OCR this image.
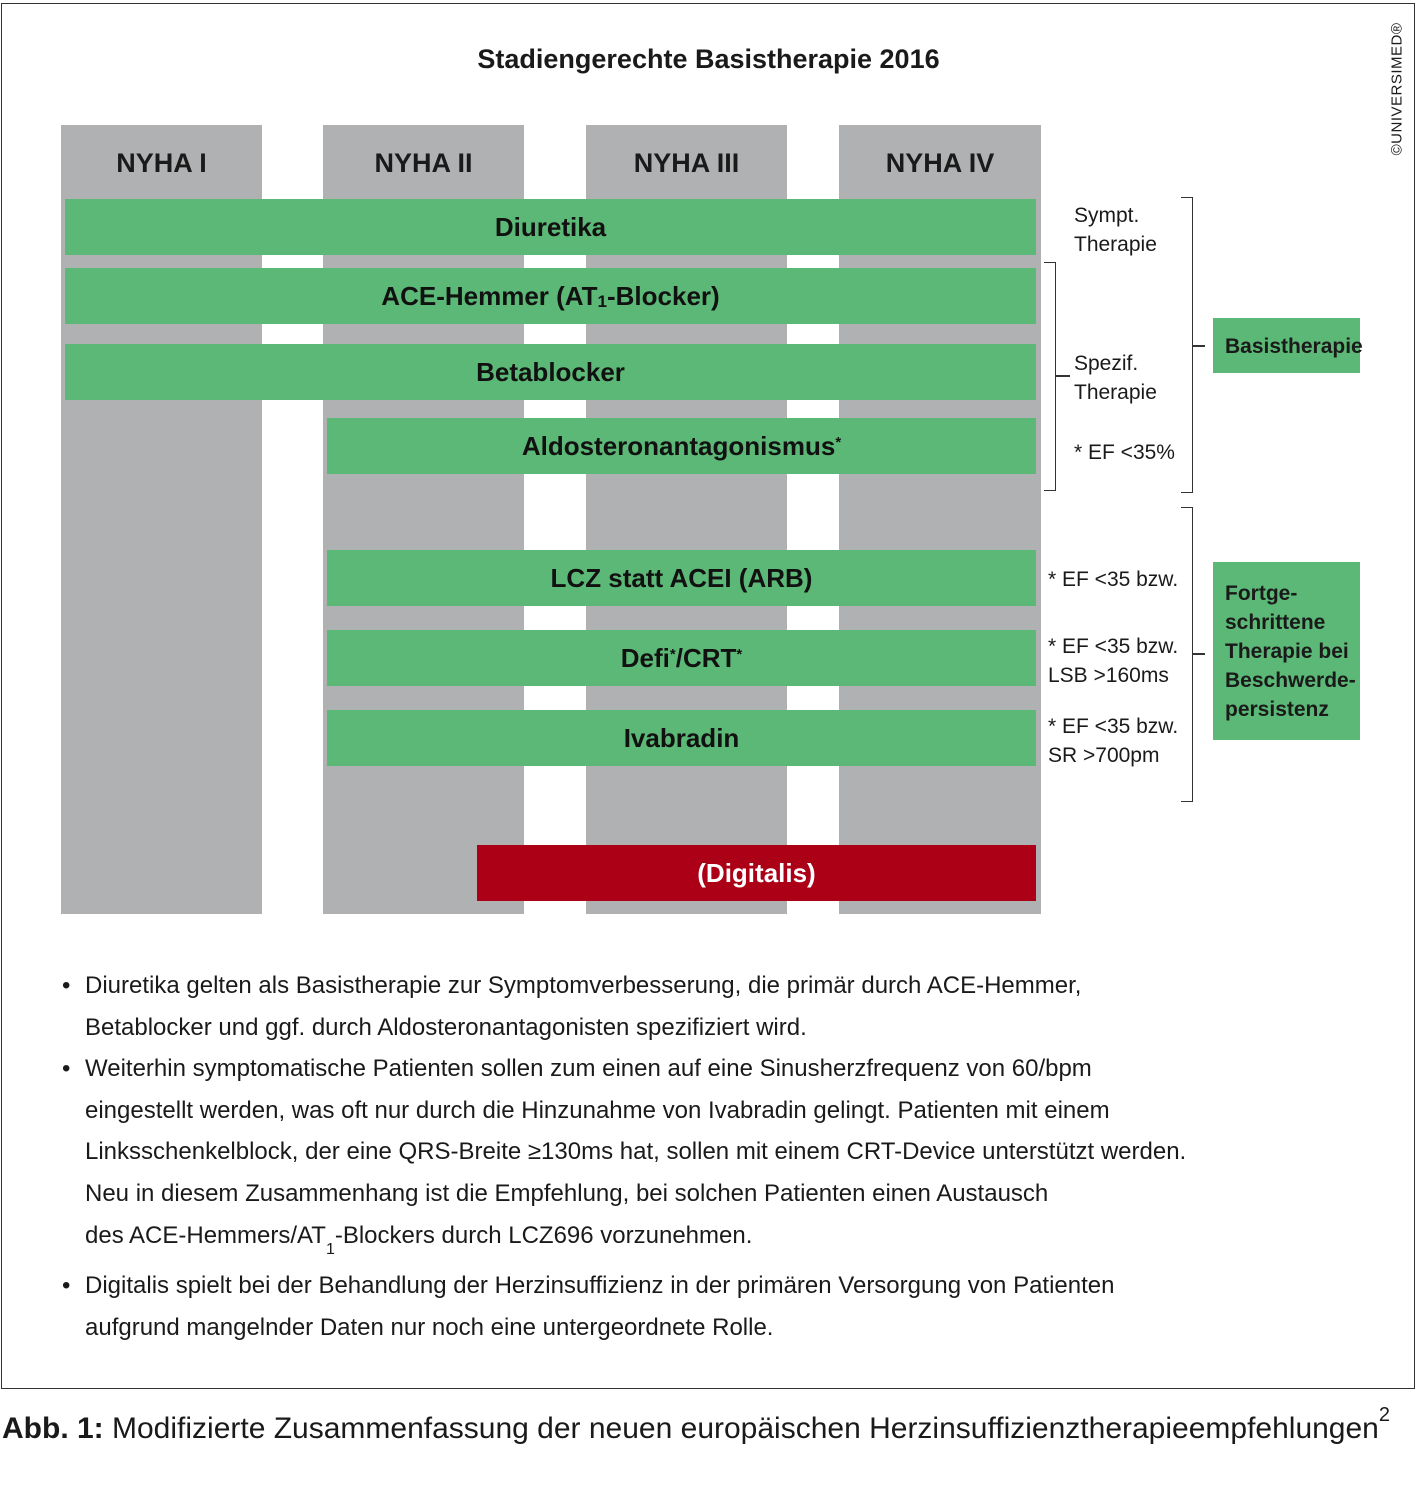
Stadiengerechte Basistherapie 2016	©UNIVERSIMED®
NYHA I	NYHA II	NYHA III	NYHA IV
Diuretika
ACE-Hemmer ($AT_1$ -Blocker)
Betablocker
Aldosteronantagonismus*
LCZ statt ACEI (ARB)
Defi* /CRT*
Ivabradin
(Digitalis)
Sympt.
Therapie
Spezif.
Therapie
* EF <35%
* EF <35 bzw.
* EF <35 bzw.
LSB >160ms
* EF <35 bzw.
SR >700pm
Basistherapie
Fortge-
schrittene
Therapie bei
Beschwerde-
persistenz
• Diuretika gelten als Basistherapie zur Symptomverbesserung, die primär durch ACE-Hemmer,
Betablocker und ggf. durch Aldosteronantagonisten spezifiziert wird.
• Weiterhin symptomatische Patienten sollen zum einen auf eine Sinusherzfrequenz von 60/bpm
eingestellt werden, was oft nur durch die Hinzunahme von Ivabradin gelingt. Patienten mit einem
Linksschenkelblock, der eine QRS-Breite ≥130ms hat, sollen mit einem CRT-Device unterstützt werden.
Neu in diesem Zusammenhang ist die Empfehlung, bei solchen Patienten einen Austausch
des ACE-$Hemmers/AT_1$-Blockers durch LCZ696 vorzunehmen.
• Digitalis spielt bei der Behandlung der Herzinsuffizienz in der primären Versorgung von Patienten
aufgrund mangelnder Daten nur noch eine untergeordnete Rolle.
Abb. 1: Modifizierte Zusammenfassung der neuen europäischen Herzinsuffizienztherapieempfehlungen$^2$
